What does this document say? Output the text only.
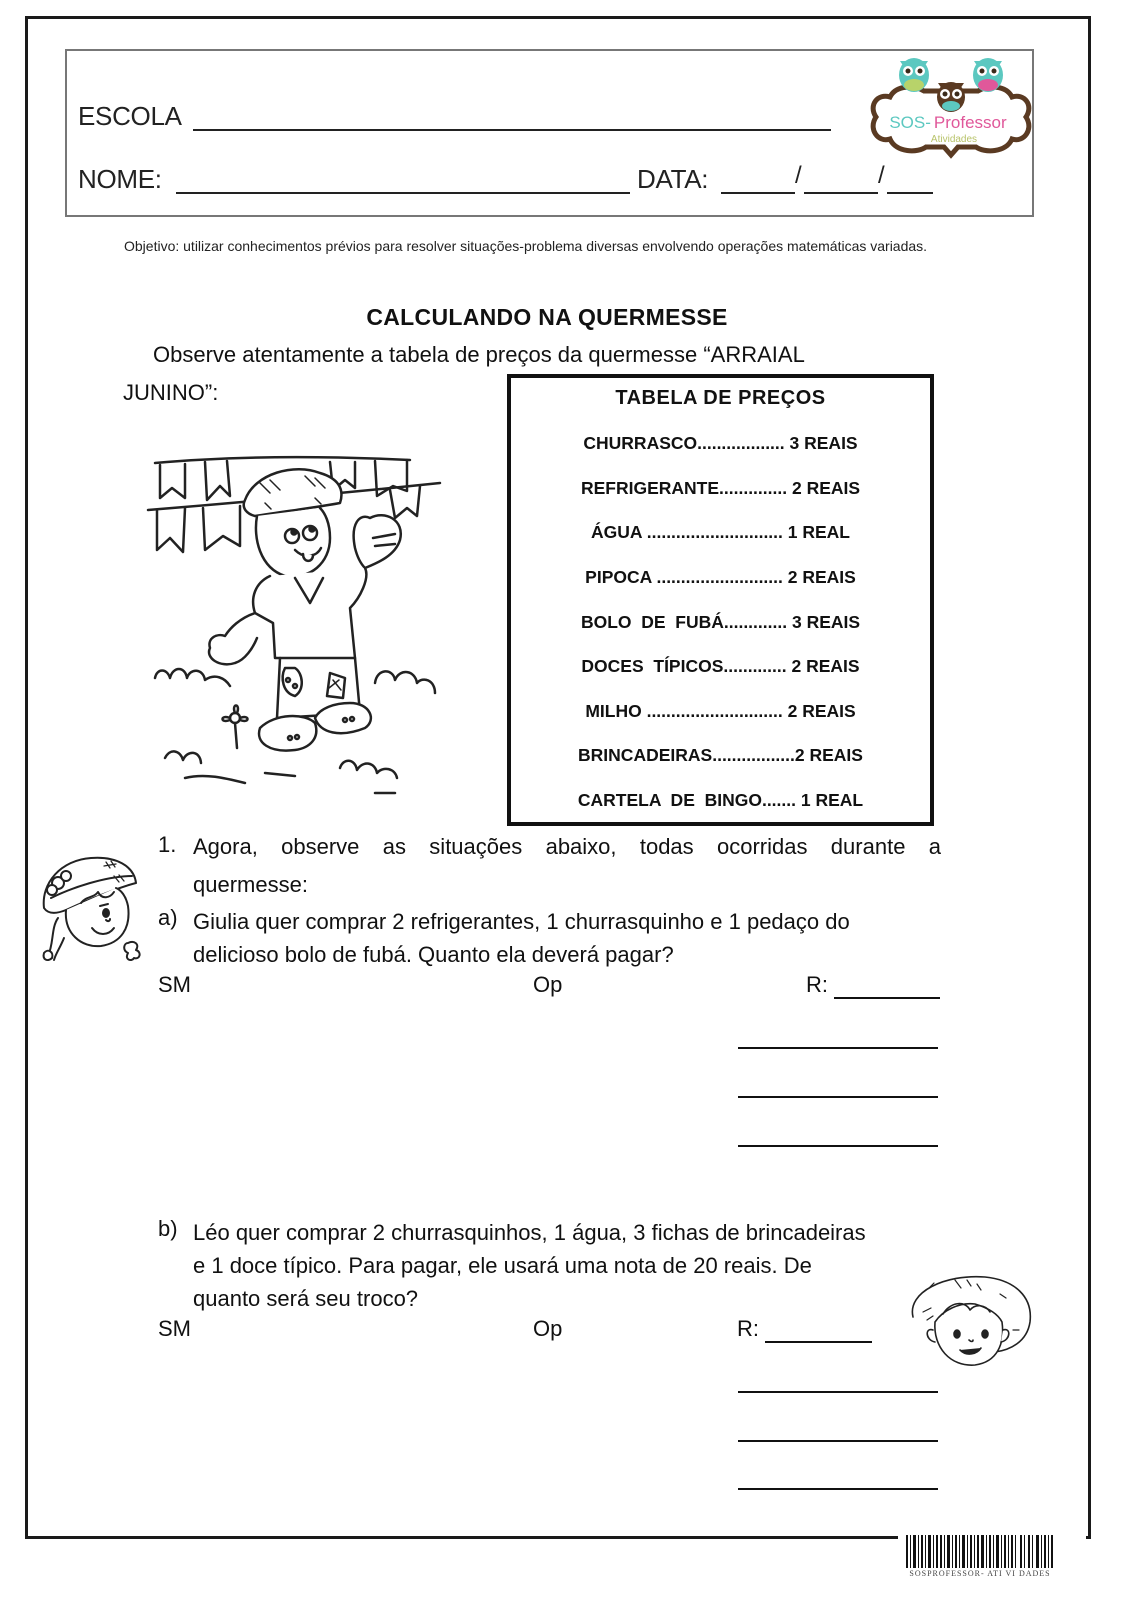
ESCOLA
NOME:	DATA:	/	/
SOS- Professor
Atividades
Objetivo: utilizar conhecimentos prévios para resolver situações-problema diversas envolvendo operações matemáticas variadas.
CALCULANDO NA QUERMESSE
Observe atentamente a tabela de preços da quermesse “ARRAIAL
JUNINO”:	TABELA DE PREÇOS
CHURRASCO.................. 3 REAIS
REFRIGERANTE.............. 2 REAIS
ÁGUA ............................ 1 REAL
PIPOCA .......................... 2 REAIS
BOLO  DE  FUBÁ............. 3 REAIS
DOCES  TÍPICOS............. 2 REAIS
MILHO ............................ 2 REAIS
BRINCADEIRAS.................2 REAIS
CARTELA  DE  BINGO....... 1 REAL
1. Agora, observe as situações abaixo, todas ocorridas durante a
quermesse:
a) Giulia quer comprar 2 refrigerantes, 1 churrasquinho e 1 pedaço do
delicioso bolo de fubá. Quanto ela deverá pagar?
SM	Op	R:
b) Léo quer comprar 2 churrasquinhos, 1 água, 3 fichas de brincadeiras
e 1 doce típico. Para pagar, ele usará uma nota de 20 reais. De
quanto será seu troco?
SM	Op	R:
SOSPROFESSOR- ATI VI DADES
